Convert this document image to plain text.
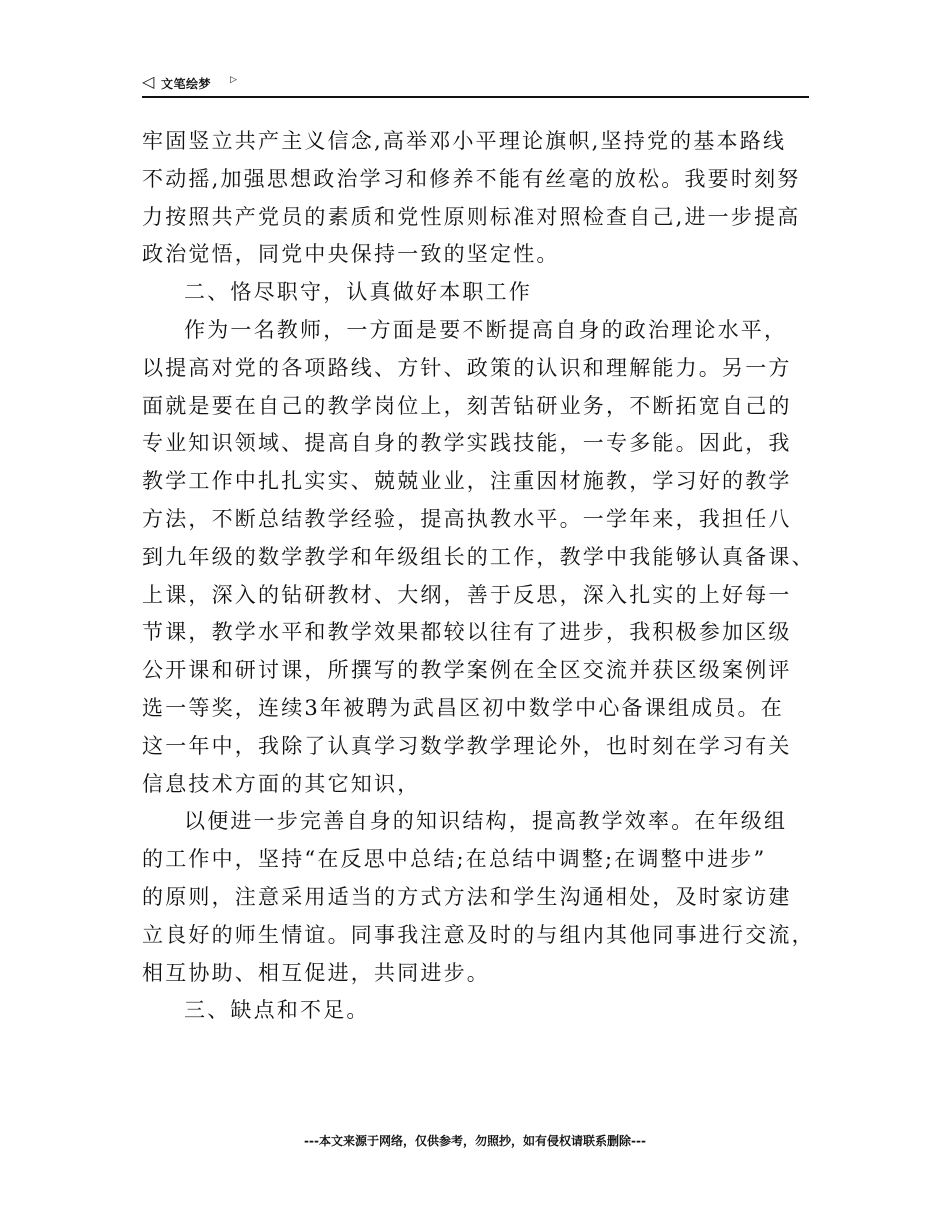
◁ 文笔绘梦 ▷
牢固竖立共产主义信念,高举邓小平理论旗帜,坚持党的基本路线
不动摇,加强思想政治学习和修养不能有丝毫的放松。我要时刻努
力按照共产党员的素质和党性原则标准对照检查自己,进一步提高
政治觉悟，同党中央保持一致的坚定性。
二、恪尽职守，认真做好本职工作
作为一名教师，一方面是要不断提高自身的政治理论水平，
以提高对党的各项路线、方针、政策的认识和理解能力。另一方
面就是要在自己的教学岗位上，刻苦钻研业务，不断拓宽自己的
专业知识领域、提高自身的教学实践技能，一专多能。因此，我
教学工作中扎扎实实、兢兢业业，注重因材施教，学习好的教学
方法，不断总结教学经验，提高执教水平。一学年来，我担任八
到九年级的数学教学和年级组长的工作，教学中我能够认真备课、
上课，深入的钻研教材、大纲，善于反思，深入扎实的上好每一
节课，教学水平和教学效果都较以往有了进步，我积极参加区级
公开课和研讨课，所撰写的教学案例在全区交流并获区级案例评
选一等奖，连续3年被聘为武昌区初中数学中心备课组成员。在
这一年中，我除了认真学习数学教学理论外，也时刻在学习有关
信息技术方面的其它知识，
以便进一步完善自身的知识结构，提高教学效率。在年级组
的工作中，坚持“在反思中总结;在总结中调整;在调整中进步”
的原则，注意采用适当的方式方法和学生沟通相处，及时家访建
立良好的师生情谊。同事我注意及时的与组内其他同事进行交流，
相互协助、相互促进，共同进步。
三、缺点和不足。
---本文来源于网络，仅供参考，勿照抄，如有侵权请联系删除---
